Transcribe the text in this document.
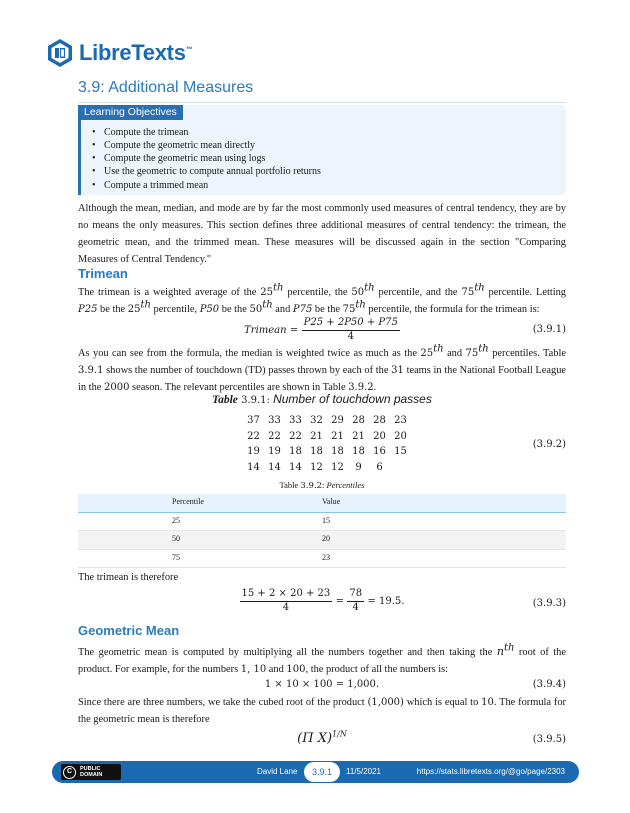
LibreTexts™
3.9: Additional Measures
Learning Objectives
• Compute the trimean
• Compute the geometric mean directly
• Compute the geometric mean using logs
• Use the geometric to compute annual portfolio returns
• Compute a trimmed mean

Although the mean, median, and mode are by far the most commonly used measures of central tendency, they are by no means the only measures. This section defines three additional measures of central tendency: the trimean, the geometric mean, and the trimmed mean. These measures will be discussed again in the section "Comparing Measures of Central Tendency."

Trimean

The trimean is a weighted average of the 25th percentile, the 50th percentile, and the 75th percentile. Letting P25 be the 25th percentile, P50 be the 50th and P75 be the 75th percentile, the formula for the trimean is:

Trimean = $\frac{P25 + 2P50 + P75}{4}$	(3.9.1)

As you can see from the formula, the median is weighted twice as much as the 25th and 75th percentiles. Table 3.9.1 shows the number of touchdown (TD) passes thrown by each of the 31 teams in the National Football League in the 2000 season. The relevant percentiles are shown in Table 3.9.2.

Table 3.9.1: Number of touchdown passes
37	33	33	32	29	28	28	23
22	22	22	21	21	21	20	20
19	19	18	18	18	18	16	15
14	14	14	12	12	9	6	
(3.9.2)
Table 3.9.2: Percentiles
Percentile	Value
25	15
50	20
75	23

The trimean is therefore

$\frac{15 + 2 \times 20 + 23}{4} = \frac{78}{4} = 19.5$.	(3.9.3)
Geometric Mean

The geometric mean is computed by multiplying all the numbers together and then taking the $n^{th}$ root of the product. For example, for the numbers 1, 10 and 100, the product of all the numbers is:

1 × 10 × 100 = 1,000.	(3.9.4)

Since there are three numbers, we take the cubed root of the product (1,000) which is equal to 10. The formula for the geometric mean is therefore

(Π X)$^{1/N}$	(3.9.5)
C	PUBLIC
DOMAIN	David Lane	3.9.1	11/5/2021	https://stats.libretexts.org/@go/page/2303
